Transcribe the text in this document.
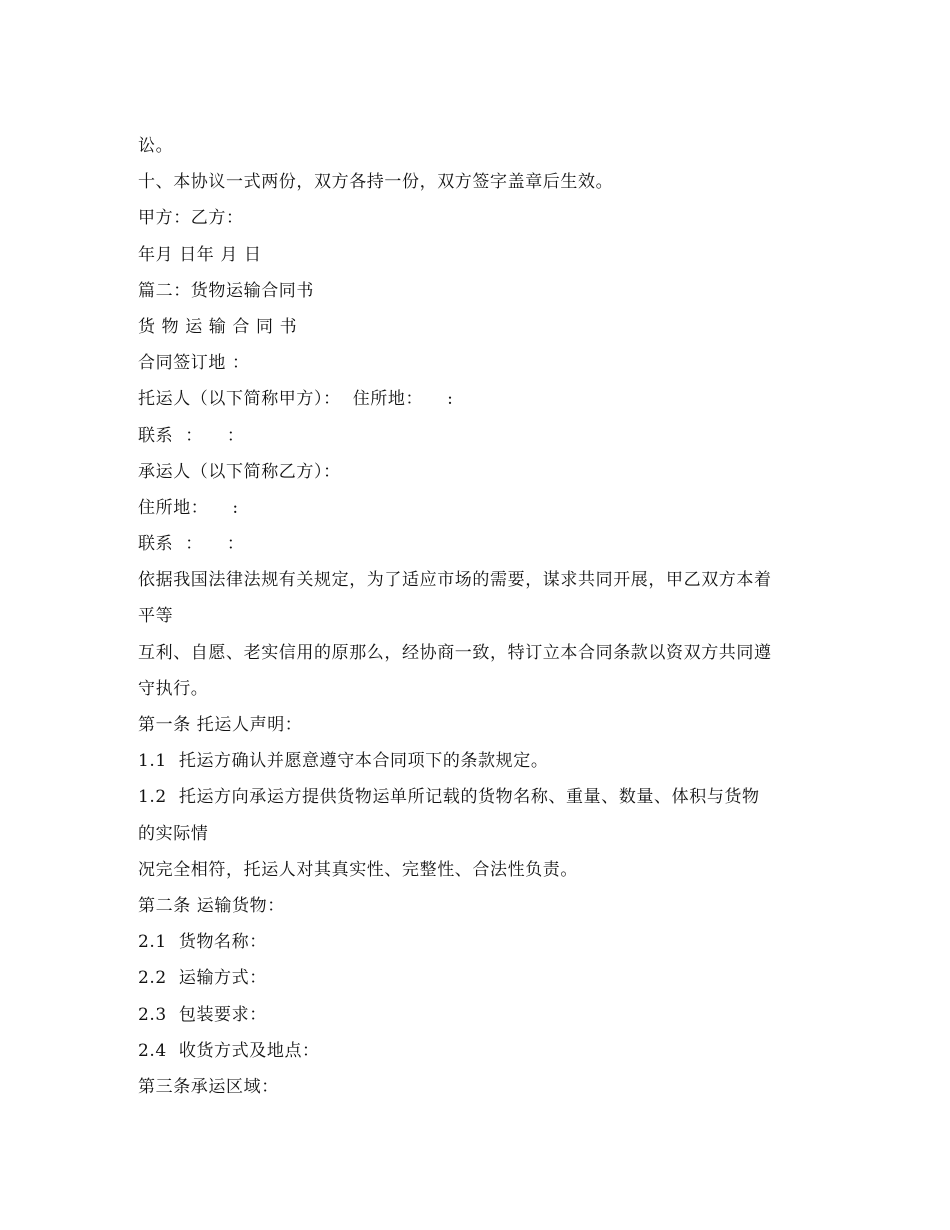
讼。
十、本协议一式两份，双方各持一份，双方签字盖章后生效。
甲方：乙方：
年月 日年 月 日
篇二：货物运输合同书
货 物 运 输 合 同 书
合同签订地 ：
托运人（以下简称甲方）：  住所地：    :
联系  ：    ：
承运人（以下简称乙方）：
住所地：    :
联系  ：    ：
依据我国法律法规有关规定，为了适应市场的需要，谋求共同开展，甲乙双方本着
平等
互利、自愿、老实信用的原那么，经协商一致，特订立本合同条款以资双方共同遵
守执行。
第一条 托运人声明：
1.1  托运方确认并愿意遵守本合同项下的条款规定。
1.2  托运方向承运方提供货物运单所记载的货物名称、重量、数量、体积与货物
的实际情
况完全相符，托运人对其真实性、完整性、合法性负责。
第二条 运输货物：
2.1  货物名称：
2.2  运输方式：
2.3  包装要求：
2.4  收货方式及地点：
第三条承运区域：
